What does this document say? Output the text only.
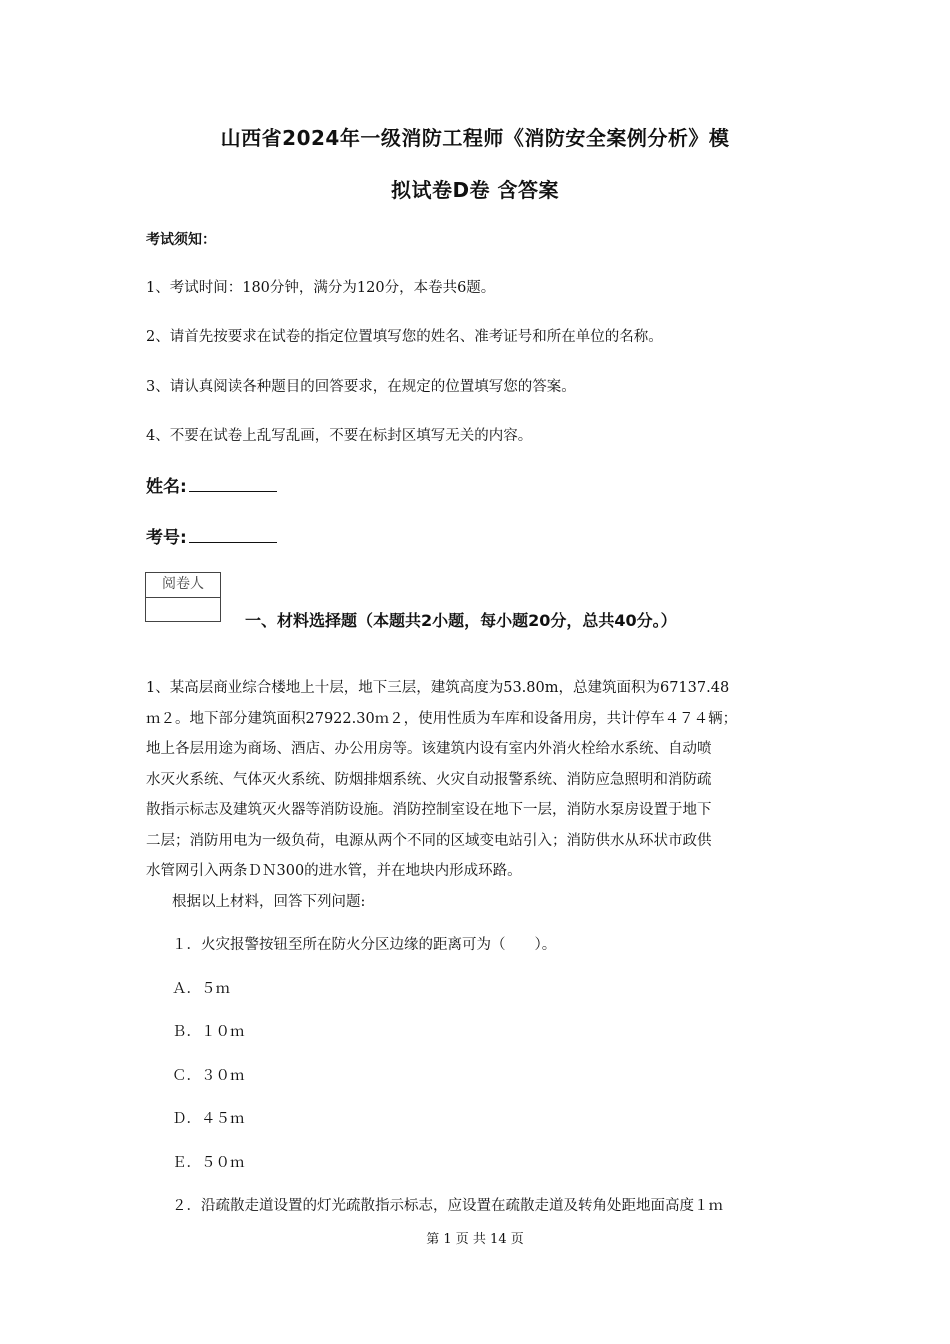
山西省2024年一级消防工程师《消防安全案例分析》模
拟试卷D卷 含答案
考试须知：
1、考试时间：180分钟，满分为120分，本卷共6题。
2、请首先按要求在试卷的指定位置填写您的姓名、准考证号和所在单位的名称。
3、请认真阅读各种题目的回答要求，在规定的位置填写您的答案。
4、不要在试卷上乱写乱画，不要在标封区填写无关的内容。
姓名:
考号:
阅卷人
一、材料选择题（本题共2小题，每小题20分，总共40分。）
1、某高层商业综合楼地上十层，地下三层，建筑高度为53.80m，总建筑面积为67137.48
ｍ２。地下部分建筑面积27922.30ｍ２，使用性质为车库和设备用房，共计停车４７４辆；
地上各层用途为商场、酒店、办公用房等。该建筑内设有室内外消火栓给水系统、自动喷
水灭火系统、气体灭火系统、防烟排烟系统、火灾自动报警系统、消防应急照明和消防疏
散指示标志及建筑灭火器等消防设施。消防控制室设在地下一层，消防水泵房设置于地下
二层；消防用电为一级负荷，电源从两个不同的区域变电站引入；消防供水从环状市政供
水管网引入两条ＤＮ300的进水管，并在地块内形成环路。
根据以上材料，回答下列问题:
１．火灾报警按钮至所在防火分区边缘的距离可为（　　）。
Ａ．５ｍ
Ｂ．１０ｍ
Ｃ．３０ｍ
Ｄ．４５ｍ
Ｅ．５０ｍ
２．沿疏散走道设置的灯光疏散指示标志，应设置在疏散走道及转角处距地面高度１ｍ
第 1 页 共 14 页
